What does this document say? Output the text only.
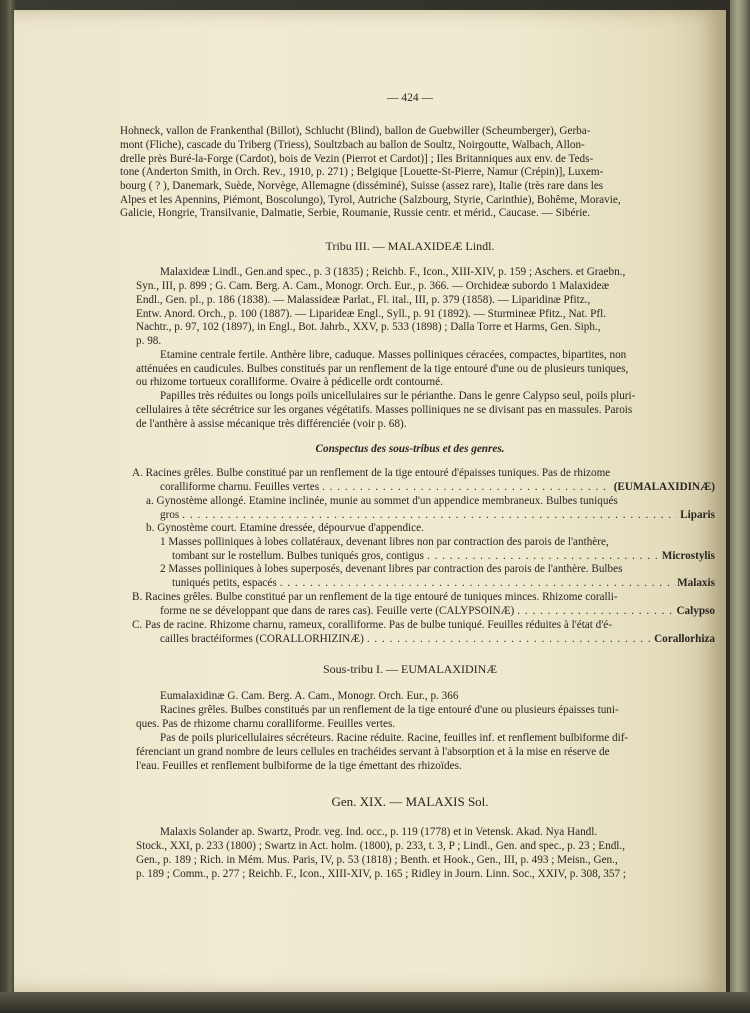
— 424 —
Hohneck, vallon de Frankenthal (Billot), Schlucht (Blind), ballon de Guebwiller (Scheumberger), Gerba-
mont (Fliche), cascade du Triberg (Triess), Soultzbach au ballon de Soultz, Noirgoutte, Walbach, Allon-
drelle près Buré-la-Forge (Cardot), bois de Vezin (Pierrot et Cardot)] ; Iles Britanniques aux env. de Teds-
tone (Anderton Smith, in Orch. Rev., 1910, p. 271) ; Belgique [Louette-St-Pierre, Namur (Crépin)], Luxem-
bourg ( ? ), Danemark, Suède, Norvège, Allemagne (disséminé), Suisse (assez rare), Italie (très rare dans les
Alpes et les Apennins, Piémont, Boscolungo), Tyrol, Autriche (Salzbourg, Styrie, Carinthie), Bohême, Moravie,
Galicie, Hongrie, Transilvanie, Dalmatie, Serbie, Roumanie, Russie centr. et mérid., Caucase. — Sibérie.
Tribu III. — MALAXIDEÆ Lindl.
Malaxideæ Lindl., Gen.and spec., p. 3 (1835) ; Reichb. F., Icon., XIII-XIV, p. 159 ; Aschers. et Graebn.,
Syn., III, p. 899 ; G. Cam. Berg. A. Cam., Monogr. Orch. Eur., p. 366. — Orchideæ subordo 1 Malaxideæ
Endl., Gen. pl., p. 186 (1838). — Malassideæ Parlat., Fl. ital., III, p. 379 (1858). — Liparidinæ Pfitz.,
Entw. Anord. Orch., p. 100 (1887). — Liparideæ Engl., Syll., p. 91 (1892). — Sturmineæ Pfitz., Nat. Pfl.
Nachtr., p. 97, 102 (1897), in Engl., Bot. Jahrb., XXV, p. 533 (1898) ; Dalla Torre et Harms, Gen. Siph.,
p. 98.
Etamine centrale fertile. Anthère libre, caduque. Masses polliniques céracées, compactes, bipartites, non
atténuées en caudicules. Bulbes constitués par un renflement de la tige entouré d'une ou de plusieurs tuniques,
ou rhizome tortueux coralliforme. Ovaire à pédicelle ordt contourné.
Papilles très réduites ou longs poils unicellulaires sur le périanthe. Dans le genre Calypso seul, poils pluri-
cellulaires à tête sécrétrice sur les organes végétatifs. Masses polliniques ne se divisant pas en massules. Parois
de l'anthère à assise mécanique très différenciée (voir p. 68).
Conspectus des sous-tribus et des genres.
A. Racines grêles. Bulbe constitué par un renflement de la tige entouré d'épaisses tuniques. Pas de rhizome
coralliforme charnu. Feuilles vertes . . .	(EUMALAXIDINÆ)
a. Gynostème allongé. Etamine inclinée, munie au sommet d'un appendice membraneux. Bulbes tuniqués
gros . . .	Liparis
b. Gynostème court. Etamine dressée, dépourvue d'appendice.
1 Masses polliniques à lobes collatéraux, devenant libres non par contraction des parois de l'anthère,
tombant sur le rostellum. Bulbes tuniqués gros, contigus . . .	Microstylis
2 Masses polliniques à lobes superposés, devenant libres par contraction des parois de l'anthère. Bulbes
tuniqués petits, espacés . . .	Malaxis
B. Racines grêles. Bulbe constitué par un renflement de la tige entouré de tuniques minces. Rhizome coralli-
forme ne se développant que dans de rares cas). Feuille verte (CALYPSOINÆ) . . .	Calypso
C. Pas de racine. Rhizome charnu, rameux, coralliforme. Pas de bulbe tuniqué. Feuilles réduites à l'état d'é-
cailles bractéiformes (CORALLORHIZINÆ) . . .	Corallorhiza
Sous-tribu I. — EUMALAXIDINÆ
Eumalaxidinæ G. Cam. Berg. A. Cam., Monogr. Orch. Eur., p. 366
Racines grêles. Bulbes constitués par un renflement de la tige entouré d'une ou plusieurs épaisses tuni-
ques. Pas de rhizome charnu coralliforme. Feuilles vertes.
Pas de poils pluricellulaires sécréteurs. Racine réduite. Racine, feuilles inf. et renflement bulbiforme dif-
férenciant un grand nombre de leurs cellules en trachéides servant à l'absorption et à la mise en réserve de
l'eau. Feuilles et renflement bulbiforme de la tige émettant des rhizoïdes.
Gen. XIX. — MALAXIS Sol.
Malaxis Solander ap. Swartz, Prodr. veg. Ind. occ., p. 119 (1778) et in Vetensk. Akad. Nya Handl.
Stock., XXI, p. 233 (1800) ; Swartz in Act. holm. (1800), p. 233, t. 3, P ; Lindl., Gen. and spec., p. 23 ; Endl.,
Gen., p. 189 ; Rich. in Mém. Mus. Paris, IV, p. 53 (1818) ; Benth. et Hook., Gen., III, p. 493 ; Meisn., Gen.,
p. 189 ; Comm., p. 277 ; Reichb. F., Icon., XIII-XIV, p. 165 ; Ridley in Journ. Linn. Soc., XXIV, p. 308, 357 ;
